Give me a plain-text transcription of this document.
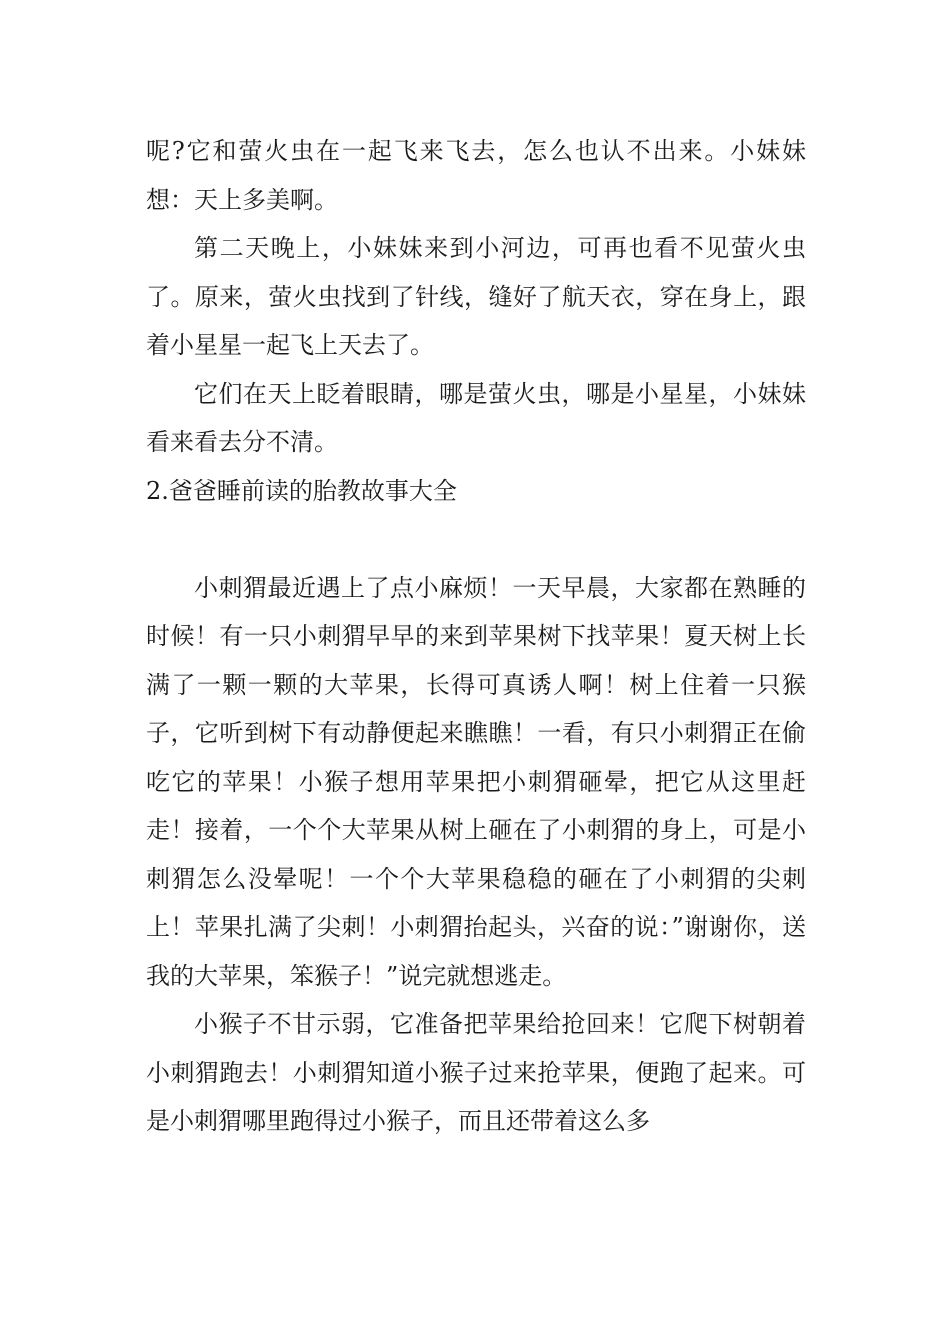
呢?它和萤火虫在一起飞来飞去，怎么也认不出来。小妹妹想：天上多美啊。

第二天晚上，小妹妹来到小河边，可再也看不见萤火虫了。原来，萤火虫找到了针线，缝好了航天衣，穿在身上，跟着小星星一起飞上天去了。

它们在天上眨着眼睛，哪是萤火虫，哪是小星星，小妹妹看来看去分不清。

2.爸爸睡前读的胎教故事大全

小刺猬最近遇上了点小麻烦！一天早晨，大家都在熟睡的时候！有一只小刺猬早早的来到苹果树下找苹果！夏天树上长满了一颗一颗的大苹果，长得可真诱人啊！树上住着一只猴子，它听到树下有动静便起来瞧瞧！一看，有只小刺猬正在偷吃它的苹果！小猴子想用苹果把小刺猬砸晕，把它从这里赶走！接着，一个个大苹果从树上砸在了小刺猬的身上，可是小刺猬怎么没晕呢！一个个大苹果稳稳的砸在了小刺猬的尖刺上！苹果扎满了尖刺！小刺猬抬起头，兴奋的说：”谢谢你，送我的大苹果，笨猴子！”说完就想逃走。

小猴子不甘示弱，它准备把苹果给抢回来！它爬下树朝着小刺猬跑去！小刺猬知道小猴子过来抢苹果，便跑了起来。可是小刺猬哪里跑得过小猴子，而且还带着这么多
